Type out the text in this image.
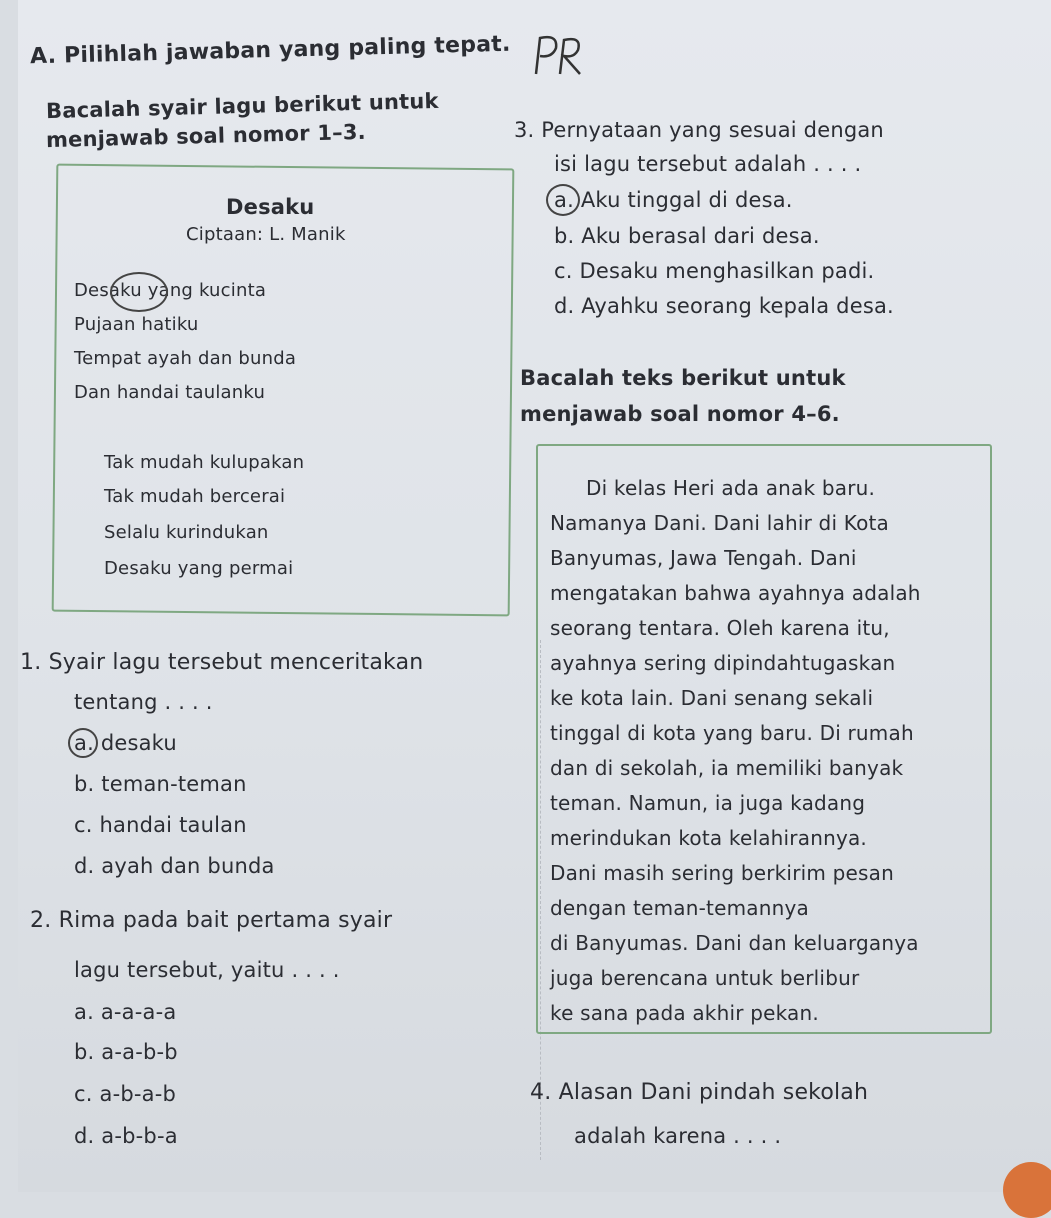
A. Pilihlah jawaban yang paling tepat.
Bacalah syair lagu berikut untuk
menjawab soal nomor 1–3.
Desaku
Ciptaan: L. Manik
Desaku yang kucinta
Pujaan hatiku
Tempat ayah dan bunda
Dan handai taulanku
Tak mudah kulupakan
Tak mudah bercerai
Selalu kurindukan
Desaku yang permai
1. Syair lagu tersebut menceritakan
tentang . . . .
a. desaku
b. teman-teman
c. handai taulan
d. ayah dan bunda
2. Rima pada bait pertama syair
lagu tersebut, yaitu . . . .
a. a-a-a-a
b. a-a-b-b
c. a-b-a-b
d. a-b-b-a
3. Pernyataan yang sesuai dengan
isi lagu tersebut adalah . . . .
a. Aku tinggal di desa.
b. Aku berasal dari desa.
c. Desaku menghasilkan padi.
d. Ayahku seorang kepala desa.
Bacalah teks berikut untuk
menjawab soal nomor 4–6.
Di kelas Heri ada anak baru.
Namanya Dani. Dani lahir di Kota
Banyumas, Jawa Tengah. Dani
mengatakan bahwa ayahnya adalah
seorang tentara. Oleh karena itu,
ayahnya sering dipindahtugaskan
ke kota lain. Dani senang sekali
tinggal di kota yang baru. Di rumah
dan di sekolah, ia memiliki banyak
teman. Namun, ia juga kadang
merindukan kota kelahirannya.
Dani masih sering berkirim pesan
dengan teman-temannya
di Banyumas. Dani dan keluarganya
juga berencana untuk berlibur
ke sana pada akhir pekan.
4. Alasan Dani pindah sekolah
adalah karena . . . .
